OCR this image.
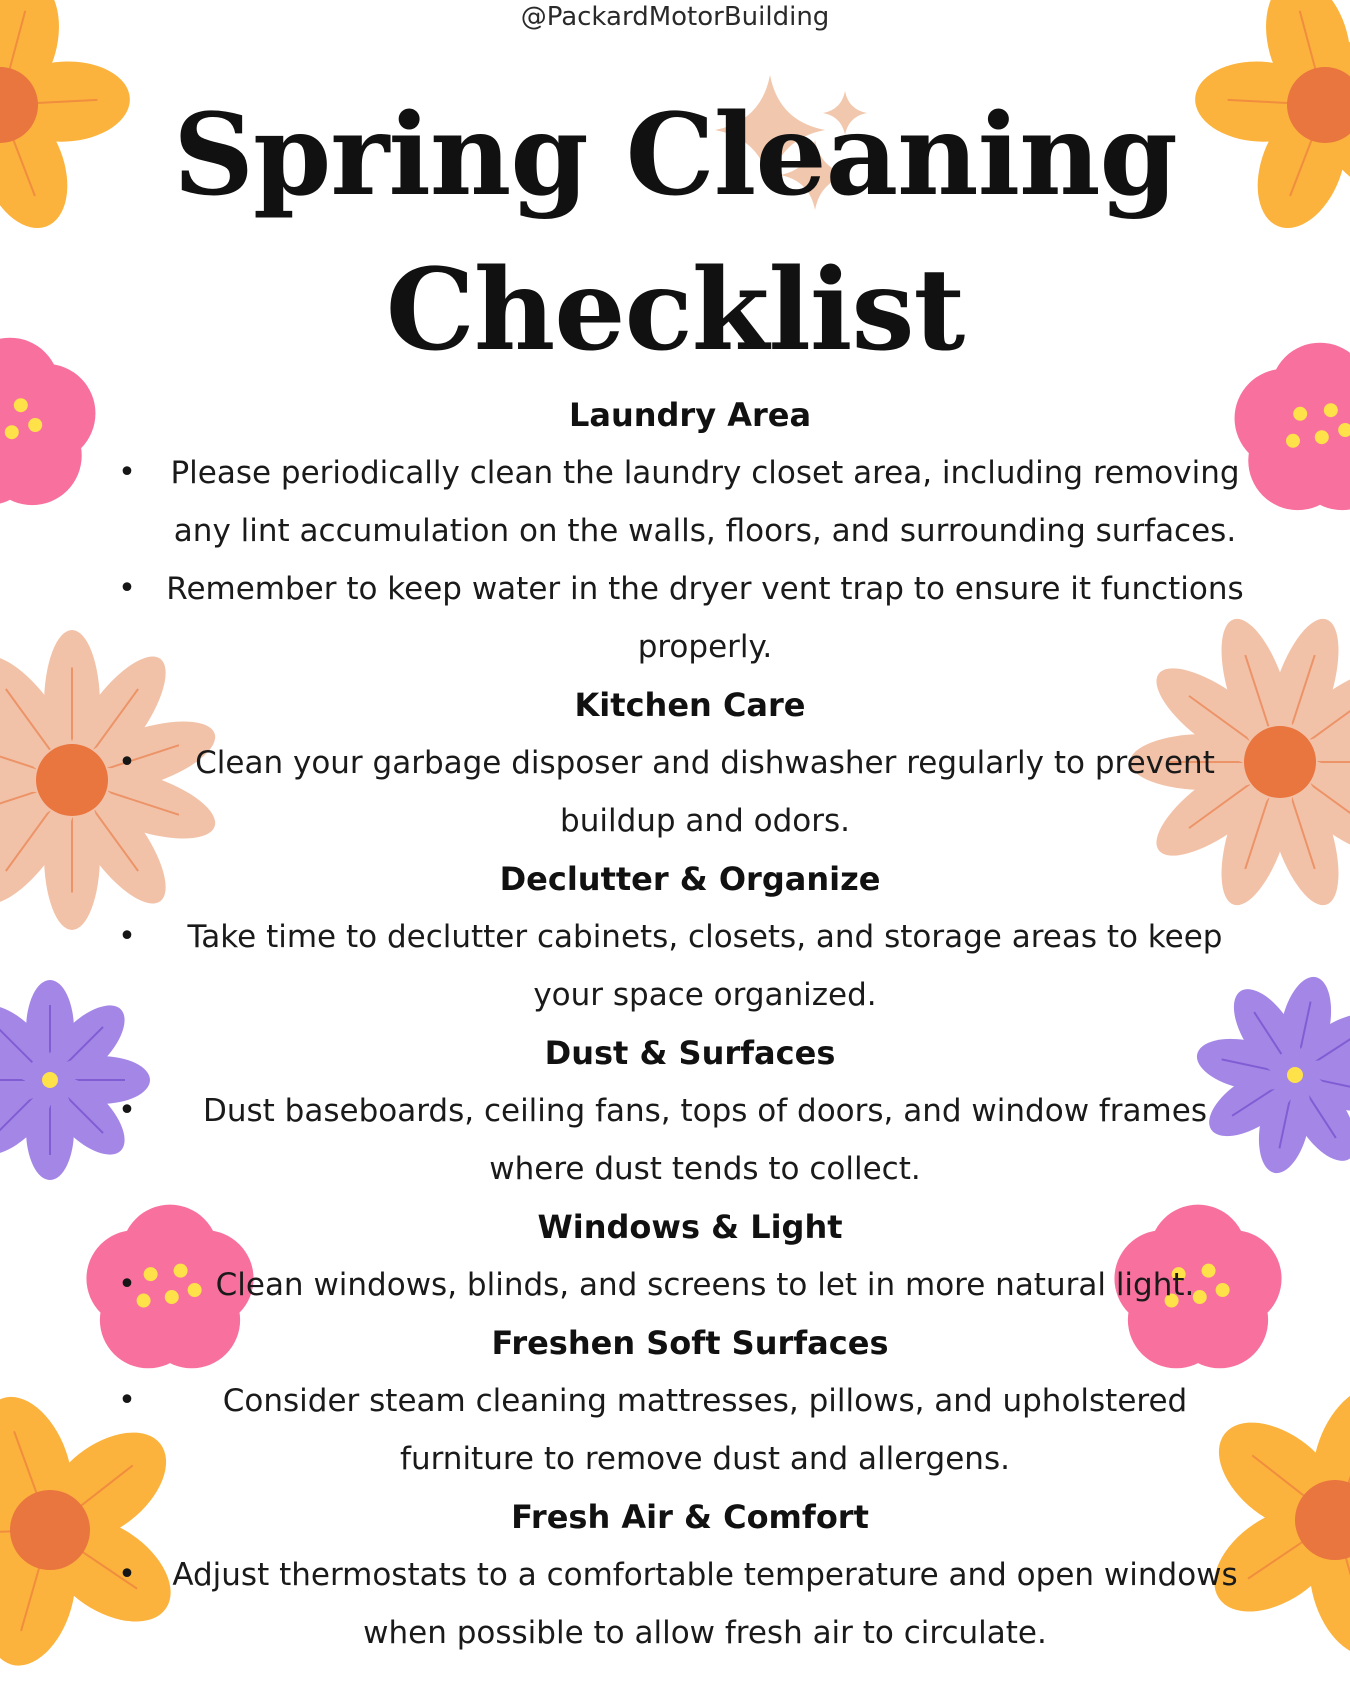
@PackardMotorBuilding
Spring Cleaning
Checklist
Laundry Area
•	Please periodically clean the laundry closet area, including removing any lint accumulation on the walls, floors, and surrounding surfaces.
• Remember to keep water in the dryer vent trap to ensure it functions properly.
Kitchen Care
•	Clean your garbage disposer and dishwasher regularly to prevent buildup and odors.
Declutter & Organize
•	Take time to declutter cabinets, closets, and storage areas to keep your space organized.
Dust & Surfaces
•	Dust baseboards, ceiling fans, tops of doors, and window frames where dust tends to collect.
Windows & Light
•	Clean windows, blinds, and screens to let in more natural light.
Freshen Soft Surfaces
•	Consider steam cleaning mattresses, pillows, and upholstered furniture to remove dust and allergens.
Fresh Air & Comfort
•	Adjust thermostats to a comfortable temperature and open windows when possible to allow fresh air to circulate.
